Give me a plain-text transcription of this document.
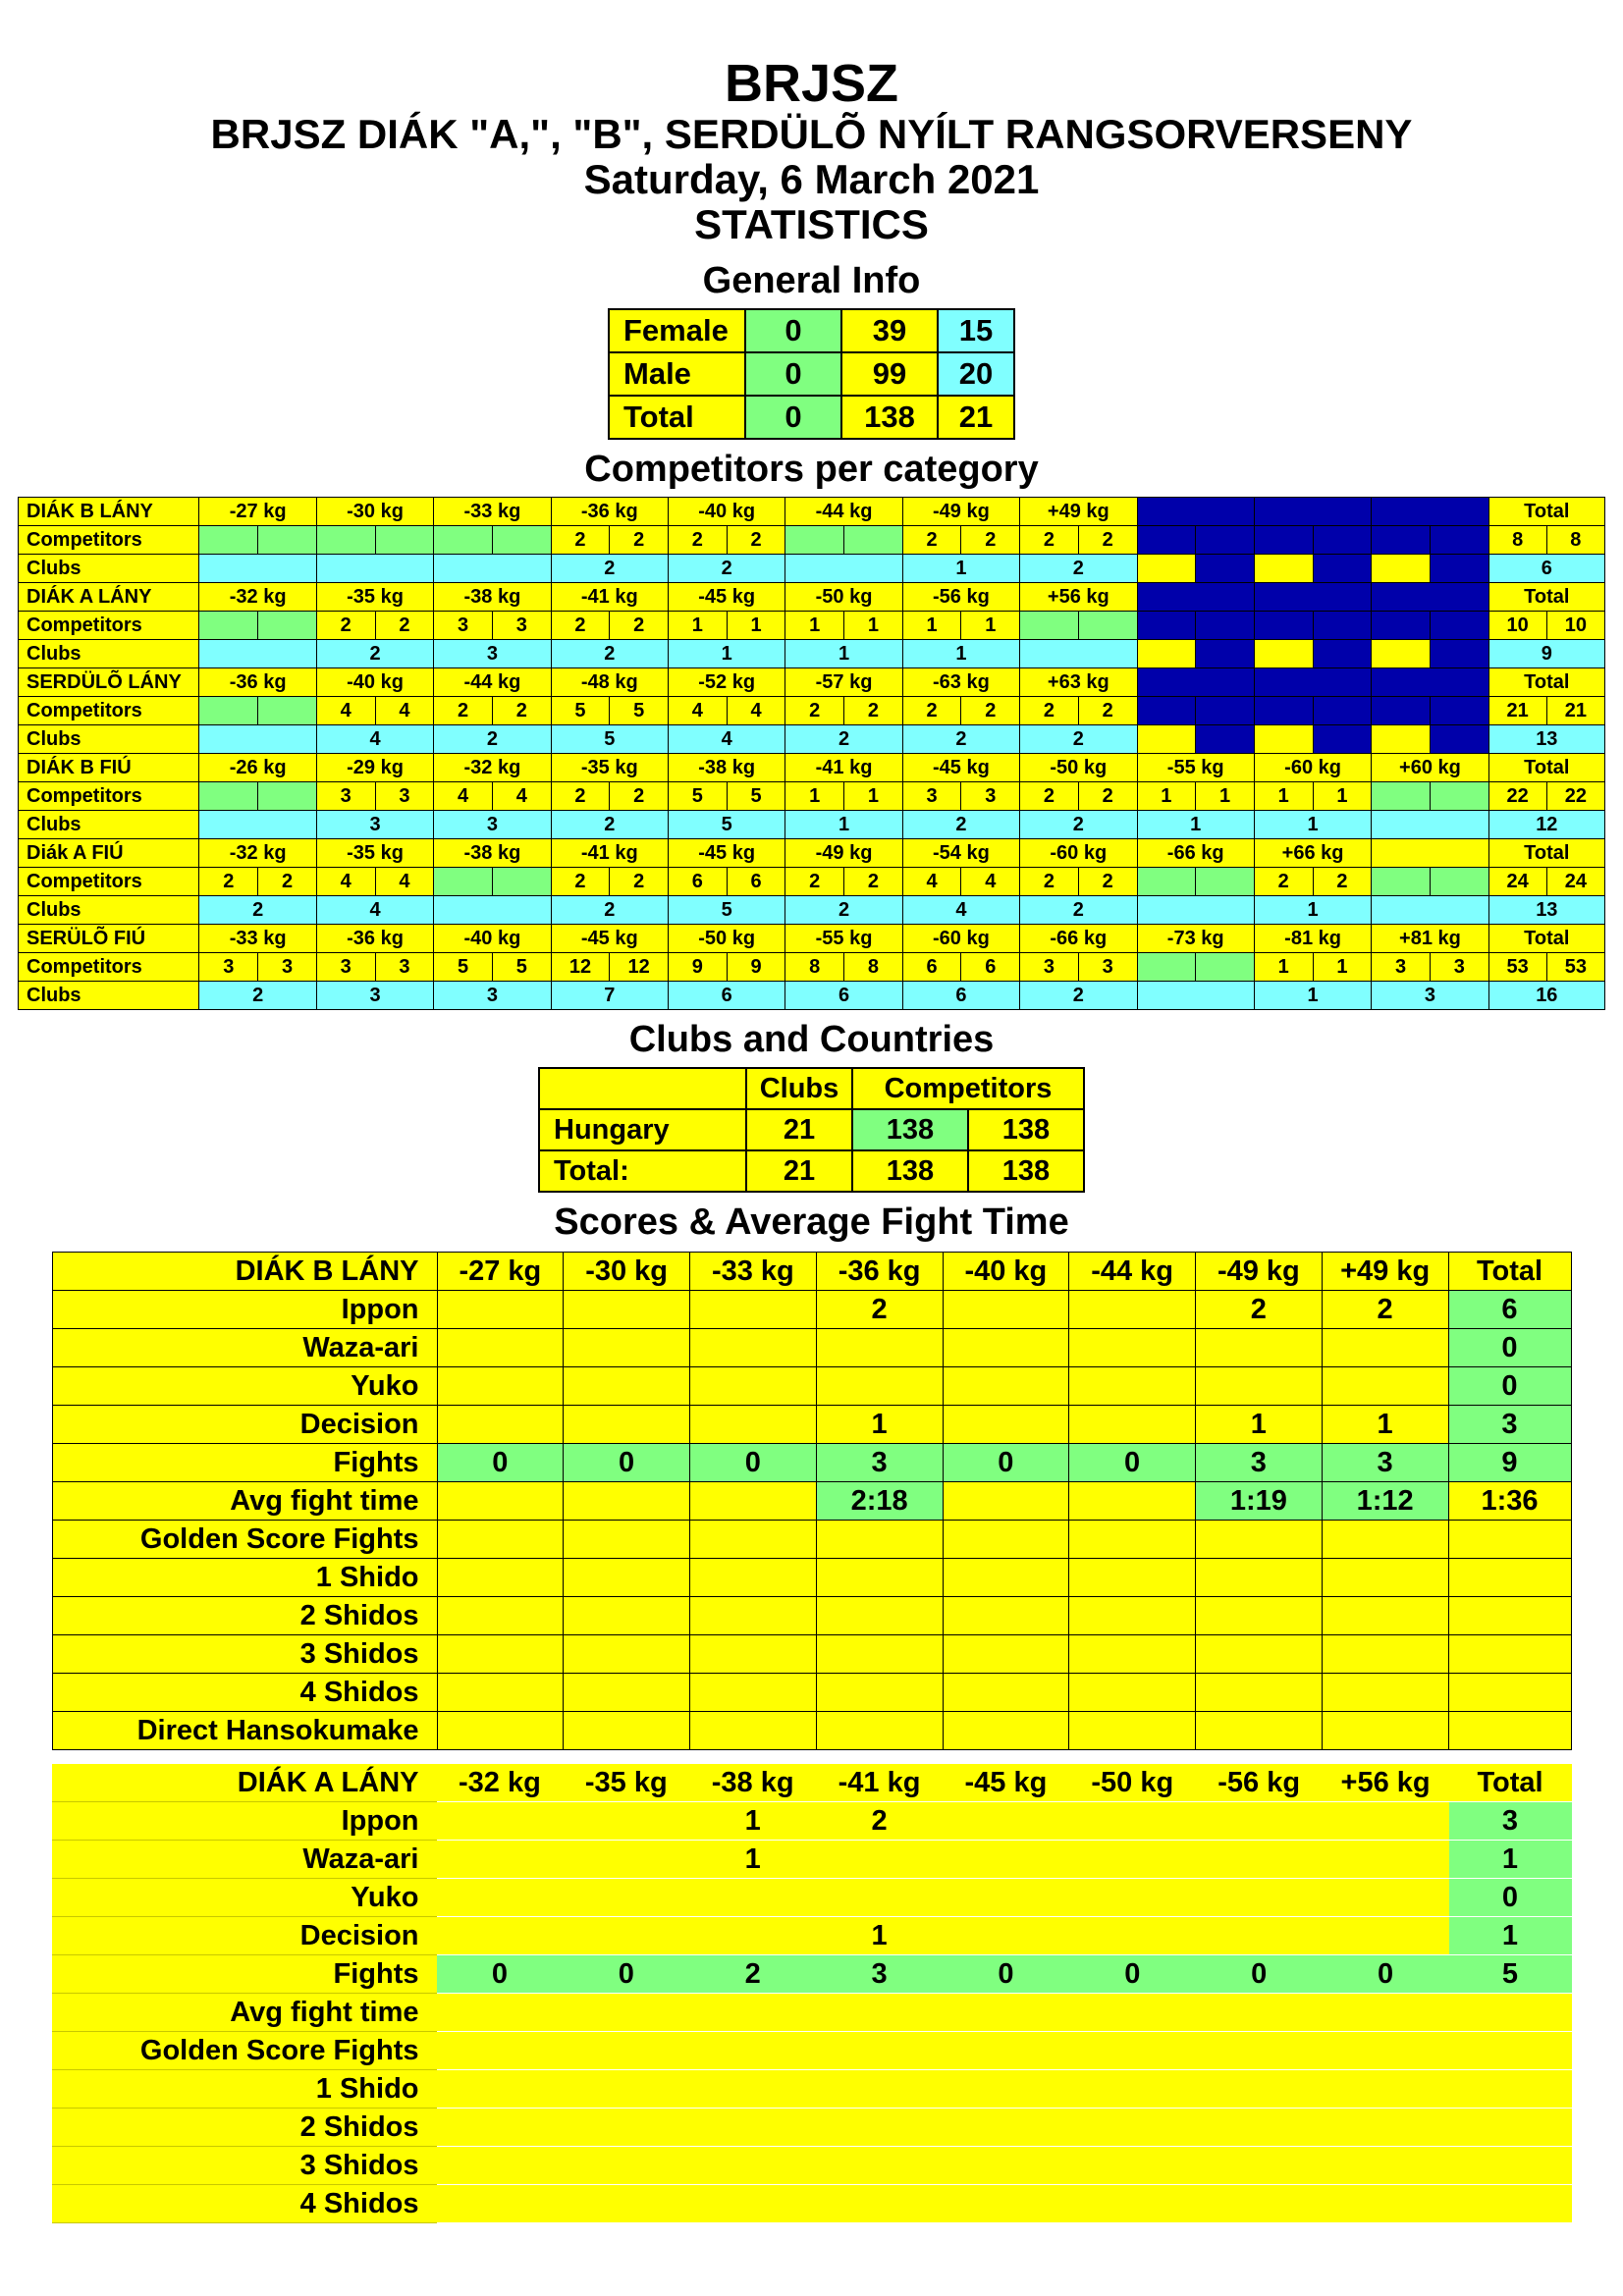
BRJSZ
BRJSZ DIÁK "A,", "B", SERDÜLÕ NYÍLT RANGSORVERSENY
Saturday, 6 March 2021
STATISTICS
General Info
Female	0	39	15
Male	0	99	20
Total	0	138	21
Competitors per category
DIÁK B LÁNY	-27 kg		-30 kg		-33 kg		-36 kg		-40 kg		-44 kg		-49 kg		+49 kg								Total	
Competitors							2	2	2	2			2	2	2	2							8	8
Clubs							2		2				1		2								6	
DIÁK A LÁNY	-32 kg		-35 kg		-38 kg		-41 kg		-45 kg		-50 kg		-56 kg		+56 kg								Total	
Competitors			2	2	3	3	2	2	1	1	1	1	1	1									10	10
Clubs			2		3		2		1		1		1										9	
SERDÜLÕ LÁNY	-36 kg		-40 kg		-44 kg		-48 kg		-52 kg		-57 kg		-63 kg		+63 kg								Total	
Competitors			4	4	2	2	5	5	4	4	2	2	2	2	2	2							21	21
Clubs			4		2		5		4		2		2		2								13	
DIÁK B FIÚ	-26 kg		-29 kg		-32 kg		-35 kg		-38 kg		-41 kg		-45 kg		-50 kg		-55 kg		-60 kg		+60 kg		Total	
Competitors			3	3	4	4	2	2	5	5	1	1	3	3	2	2	1	1	1	1			22	22
Clubs			3		3		2		5		1		2		2		1		1				12	
Diák A FIÚ	-32 kg		-35 kg		-38 kg		-41 kg		-45 kg		-49 kg		-54 kg		-60 kg		-66 kg		+66 kg				Total	
Competitors	2	2	4	4			2	2	6	6	2	2	4	4	2	2			2	2			24	24
Clubs	2		4				2		5		2		4		2				1				13	
SERÜLÕ FIÚ	-33 kg		-36 kg		-40 kg		-45 kg		-50 kg		-55 kg		-60 kg		-66 kg		-73 kg		-81 kg		+81 kg		Total	
Competitors	3	3	3	3	5	5	12	12	9	9	8	8	6	6	3	3			1	1	3	3	53	53
Clubs	2		3		3		7		6		6		6		2				1		3		16	
Clubs and Countries
	Clubs	Competitors	
Hungary	21	138	138
Total:	21	138	138
Scores & Average Fight Time
DIÁK B LÁNY	-27 kg	-30 kg	-33 kg	-36 kg	-40 kg	-44 kg	-49 kg	+49 kg	Total
Ippon				2			2	2	6
Waza-ari									0
Yuko									0
Decision				1			1	1	3
Fights	0	0	0	3	0	0	3	3	9
Avg fight time				2:18			1:19	1:12	1:36
Golden Score Fights									
1 Shido									
2 Shidos									
3 Shidos									
4 Shidos									
Direct Hansokumake									
DIÁK A LÁNY	-32 kg	-35 kg	-38 kg	-41 kg	-45 kg	-50 kg	-56 kg	+56 kg	Total
Ippon			1	2					3
Waza-ari			1						1
Yuko									0
Decision				1					1
Fights	0	0	2	3	0	0	0	0	5
Avg fight time									
Golden Score Fights									
1 Shido									
2 Shidos									
3 Shidos									
4 Shidos									
